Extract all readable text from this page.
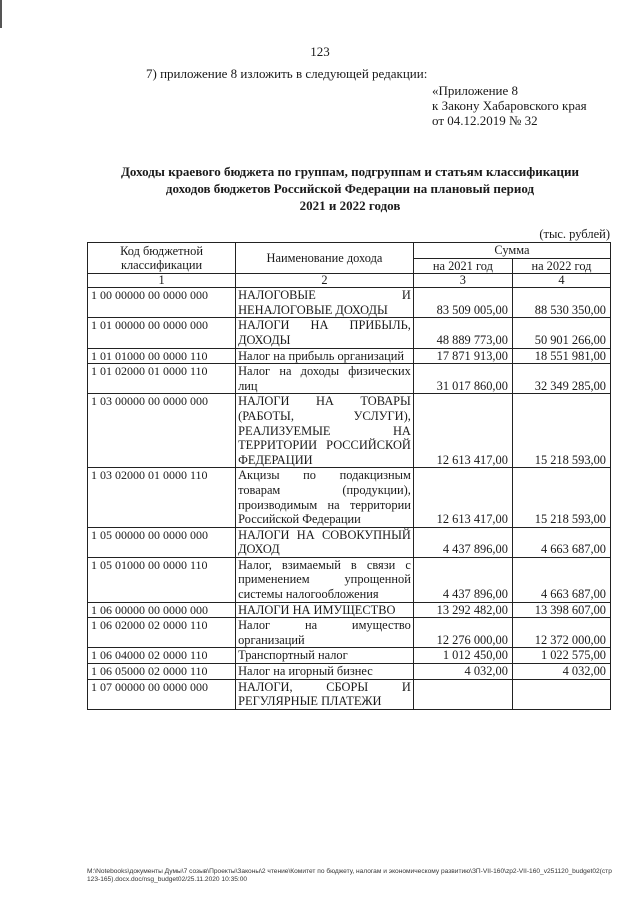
123
7) приложение 8 изложить в следующей редакции:
«Приложение 8
к Закону Хабаровского края
от 04.12.2019 № 32
Доходы краевого бюджета по группам, подгруппам и статьям классификации
доходов бюджетов Российской Федерации на плановый период
2021 и 2022 годов
(тыс. рублей)
Код бюджетной классификации	Наименование дохода	Сумма	
		на 2021 год	на 2022 год
1	2	3	4
1 00 00000 00 0000 000	НАЛОГОВЫЕ И НЕНАЛОГОВЫЕ ДОХОДЫ	83 509 005,00	88 530 350,00
1 01 00000 00 0000 000	НАЛОГИ НА ПРИБЫЛЬ, ДОХОДЫ	48 889 773,00	50 901 266,00
1 01 01000 00 0000 110	Налог на прибыль организаций	17 871 913,00	18 551 981,00
1 01 02000 01 0000 110	Налог на доходы физических лиц	31 017 860,00	32 349 285,00
1 03 00000 00 0000 000	НАЛОГИ НА ТОВАРЫ (РАБОТЫ, УСЛУГИ), РЕАЛИЗУЕМЫЕ НА ТЕРРИТОРИИ РОССИЙСКОЙ ФЕДЕРАЦИИ	12 613 417,00	15 218 593,00
1 03 02000 01 0000 110	Акцизы по подакцизным товарам (продукции), производимым на территории Российской Федерации	12 613 417,00	15 218 593,00
1 05 00000 00 0000 000	НАЛОГИ НА СОВОКУПНЫЙ ДОХОД	4 437 896,00	4 663 687,00
1 05 01000 00 0000 110	Налог, взимаемый в связи с применением упрощенной системы налогообложения	4 437 896,00	4 663 687,00
1 06 00000 00 0000 000	НАЛОГИ НА ИМУЩЕСТВО	13 292 482,00	13 398 607,00
1 06 02000 02 0000 110	Налог на имущество организаций	12 276 000,00	12 372 000,00
1 06 04000 02 0000 110	Транспортный налог	1 012 450,00	1 022 575,00
1 06 05000 02 0000 110	Налог на игорный бизнес	4 032,00	4 032,00
1 07 00000 00 0000 000	НАЛОГИ, СБОРЫ И РЕГУЛЯРНЫЕ ПЛАТЕЖИ		
M:\Notebooks\документы Думы\7 созыв\Проекты\Законы\2 чтение\Комитет по бюджету, налогам и экономическому развитию\ЗП-VII-160\zp2-VII-160_v251120_budget02(стр 123-165).docx.doc/nsg_budget02/25.11.2020 10:35:00
